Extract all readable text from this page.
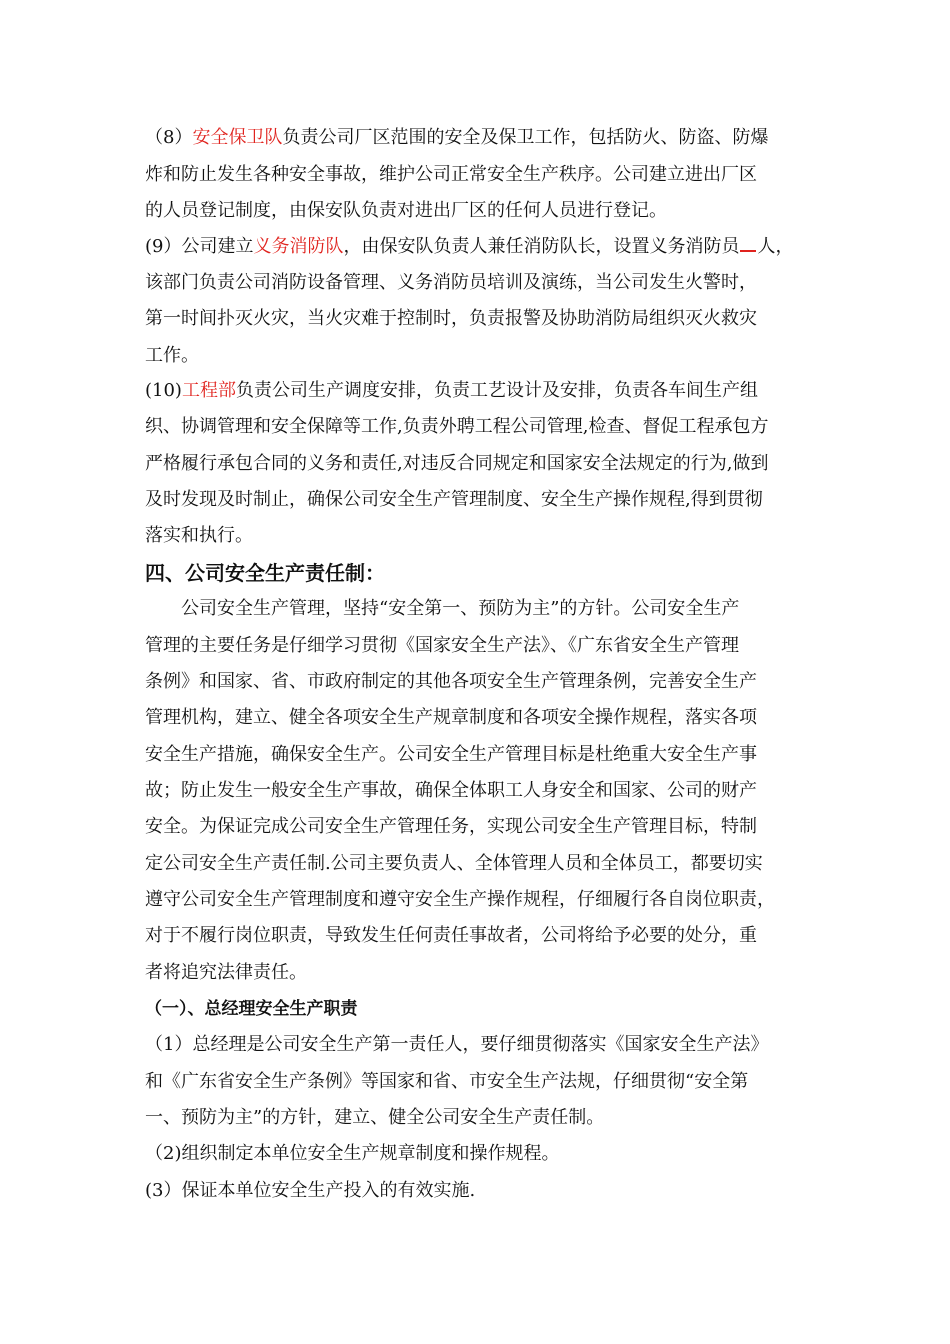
（8）安全保卫队负责公司厂区范围的安全及保卫工作，包括防火、防盗、防爆
炸和防止发生各种安全事故，维护公司正常安全生产秩序。公司建立进出厂区
的人员登记制度，由保安队负责对进出厂区的任何人员进行登记。
(9）公司建立义务消防队，由保安队负责人兼任消防队长，设置义务消防员 人，
该部门负责公司消防设备管理、义务消防员培训及演练，当公司发生火警时，
第一时间扑灭火灾，当火灾难于控制时，负责报警及协助消防局组织灭火救灾
工作。
(10)工程部负责公司生产调度安排，负责工艺设计及安排，负责各车间生产组
织、协调管理和安全保障等工作,负责外聘工程公司管理,检查、督促工程承包方
严格履行承包合同的义务和责任,对违反合同规定和国家安全法规定的行为,做到
及时发现及时制止，确保公司安全生产管理制度、安全生产操作规程,得到贯彻
落实和执行。
四、公司安全生产责任制：
公司安全生产管理，坚持“安全第一、预防为主”的方针。公司安全生产
管理的主要任务是仔细学习贯彻《国家安全生产法》、《广东省安全生产管理
条例》和国家、省、市政府制定的其他各项安全生产管理条例，完善安全生产
管理机构，建立、健全各项安全生产规章制度和各项安全操作规程，落实各项
安全生产措施，确保安全生产。公司安全生产管理目标是杜绝重大安全生产事
故；防止发生一般安全生产事故，确保全体职工人身安全和国家、公司的财产
安全。为保证完成公司安全生产管理任务，实现公司安全生产管理目标，特制
定公司安全生产责任制.公司主要负责人、全体管理人员和全体员工，都要切实
遵守公司安全生产管理制度和遵守安全生产操作规程，仔细履行各自岗位职责，
对于不履行岗位职责，导致发生任何责任事故者，公司将给予必要的处分，重
者将追究法律责任。
（一）、总经理安全生产职责
（1）总经理是公司安全生产第一责任人，要仔细贯彻落实《国家安全生产法》
和《广东省安全生产条例》等国家和省、市安全生产法规，仔细贯彻“安全第
一、预防为主”的方针，建立、健全公司安全生产责任制。
（2)组织制定本单位安全生产规章制度和操作规程。
(3）保证本单位安全生产投入的有效实施.
